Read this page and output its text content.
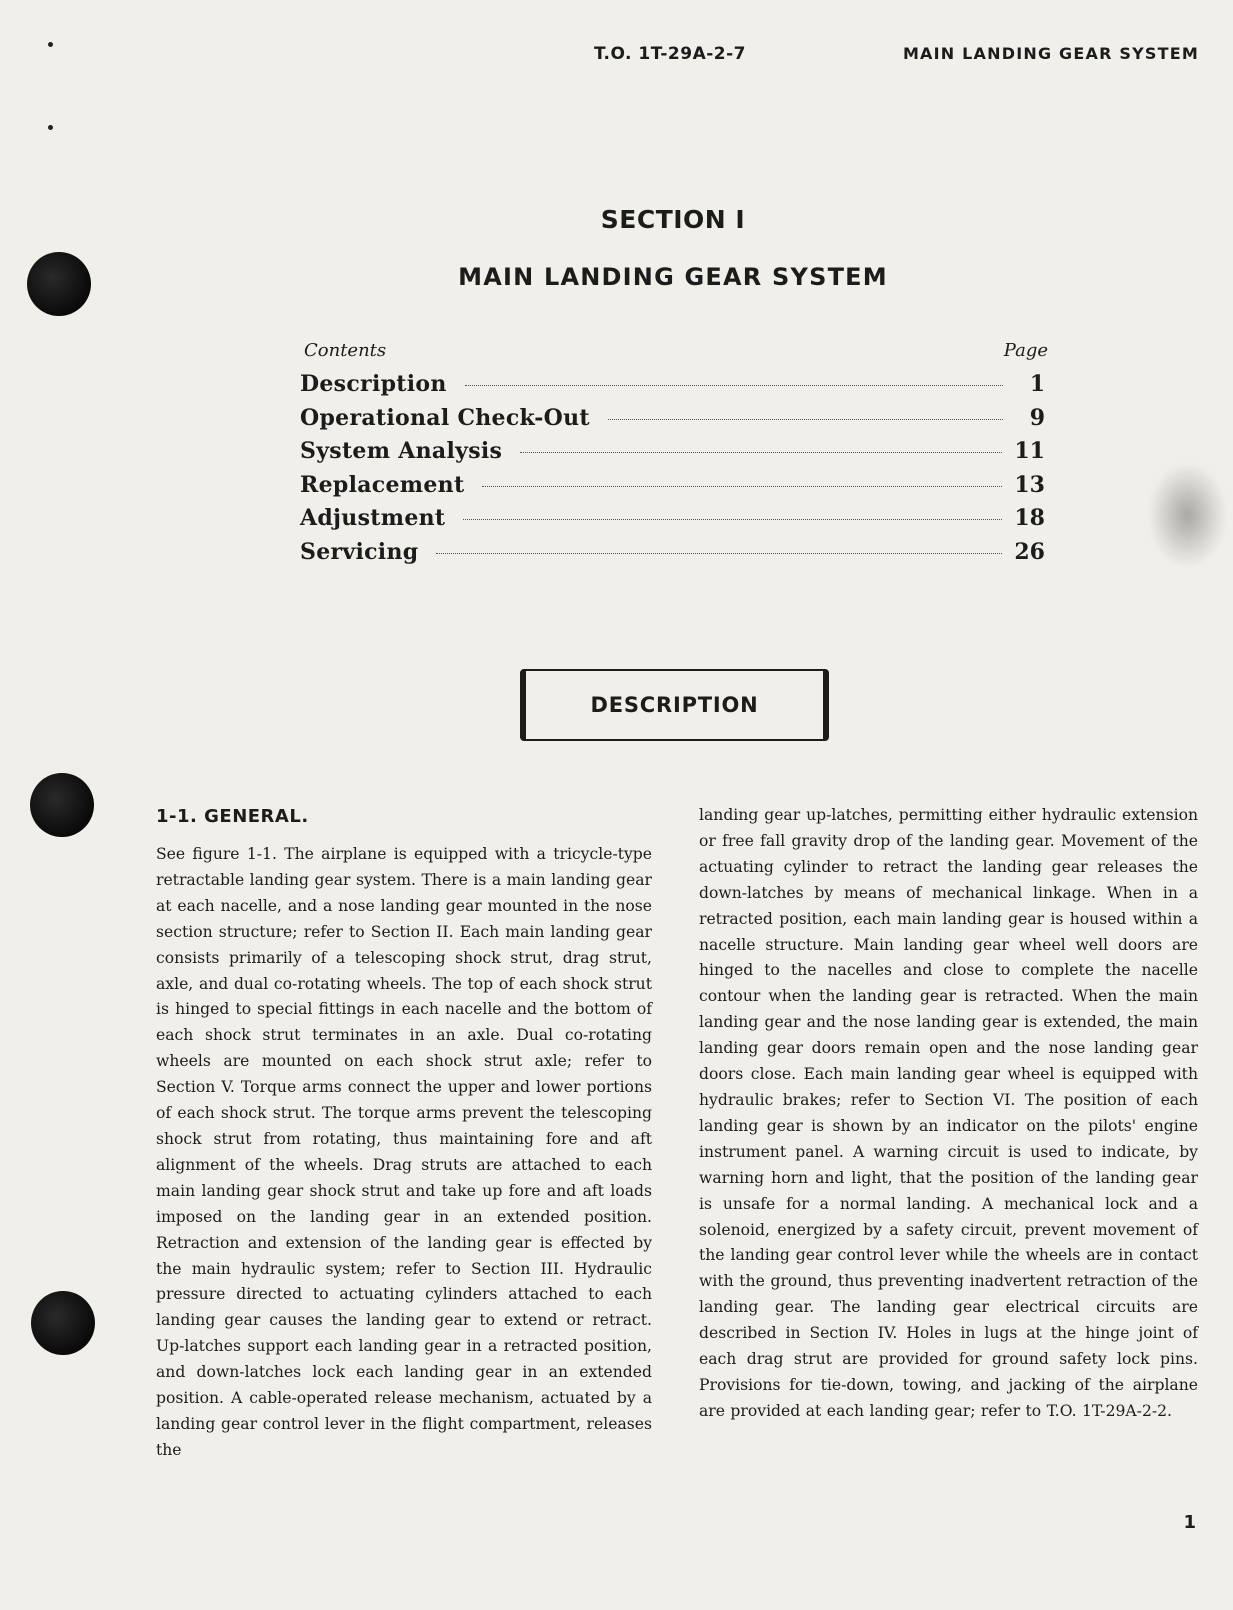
T.O. 1T-29A-2-7	MAIN LANDING GEAR SYSTEM
SECTION I
MAIN LANDING GEAR SYSTEM
Contents	Page
Description	1
Operational Check-Out	9
System Analysis	11
Replacement	13
Adjustment	18
Servicing	26
DESCRIPTION
1-1. GENERAL.
See figure 1-1. The airplane is equipped with a tricycle-type retractable landing gear system. There is a main landing gear at each nacelle, and a nose landing gear mounted in the nose section structure; refer to Section II. Each main landing gear consists primarily of a telescoping shock strut, drag strut, axle, and dual co-rotating wheels. The top of each shock strut is hinged to special fittings in each nacelle and the bottom of each shock strut terminates in an axle. Dual co-rotating wheels are mounted on each shock strut axle; refer to Section V. Torque arms connect the upper and lower portions of each shock strut. The torque arms prevent the telescoping shock strut from rotating, thus maintaining fore and aft alignment of the wheels. Drag struts are attached to each main landing gear shock strut and take up fore and aft loads imposed on the landing gear in an extended position. Retraction and extension of the landing gear is effected by the main hydraulic system; refer to Section III. Hydraulic pressure directed to actuating cylinders attached to each landing gear causes the landing gear to extend or retract. Up-latches support each landing gear in a retracted position, and down-latches lock each landing gear in an extended position. A cable-operated release mechanism, actuated by a landing gear control lever in the flight compartment, releases the
landing gear up-latches, permitting either hydraulic extension or free fall gravity drop of the landing gear. Movement of the actuating cylinder to retract the landing gear releases the down-latches by means of mechanical linkage. When in a retracted position, each main landing gear is housed within a nacelle structure. Main landing gear wheel well doors are hinged to the nacelles and close to complete the nacelle contour when the landing gear is retracted. When the main landing gear and the nose landing gear is extended, the main landing gear doors remain open and the nose landing gear doors close. Each main landing gear wheel is equipped with hydraulic brakes; refer to Section VI. The position of each landing gear is shown by an indicator on the pilots' engine instrument panel. A warning circuit is used to indicate, by warning horn and light, that the position of the landing gear is unsafe for a normal landing. A mechanical lock and a solenoid, energized by a safety circuit, prevent movement of the landing gear control lever while the wheels are in contact with the ground, thus preventing inadvertent retraction of the landing gear. The landing gear electrical circuits are described in Section IV. Holes in lugs at the hinge joint of each drag strut are provided for ground safety lock pins. Provisions for tie-down, towing, and jacking of the airplane are provided at each landing gear; refer to T.O. 1T-29A-2-2.
1
